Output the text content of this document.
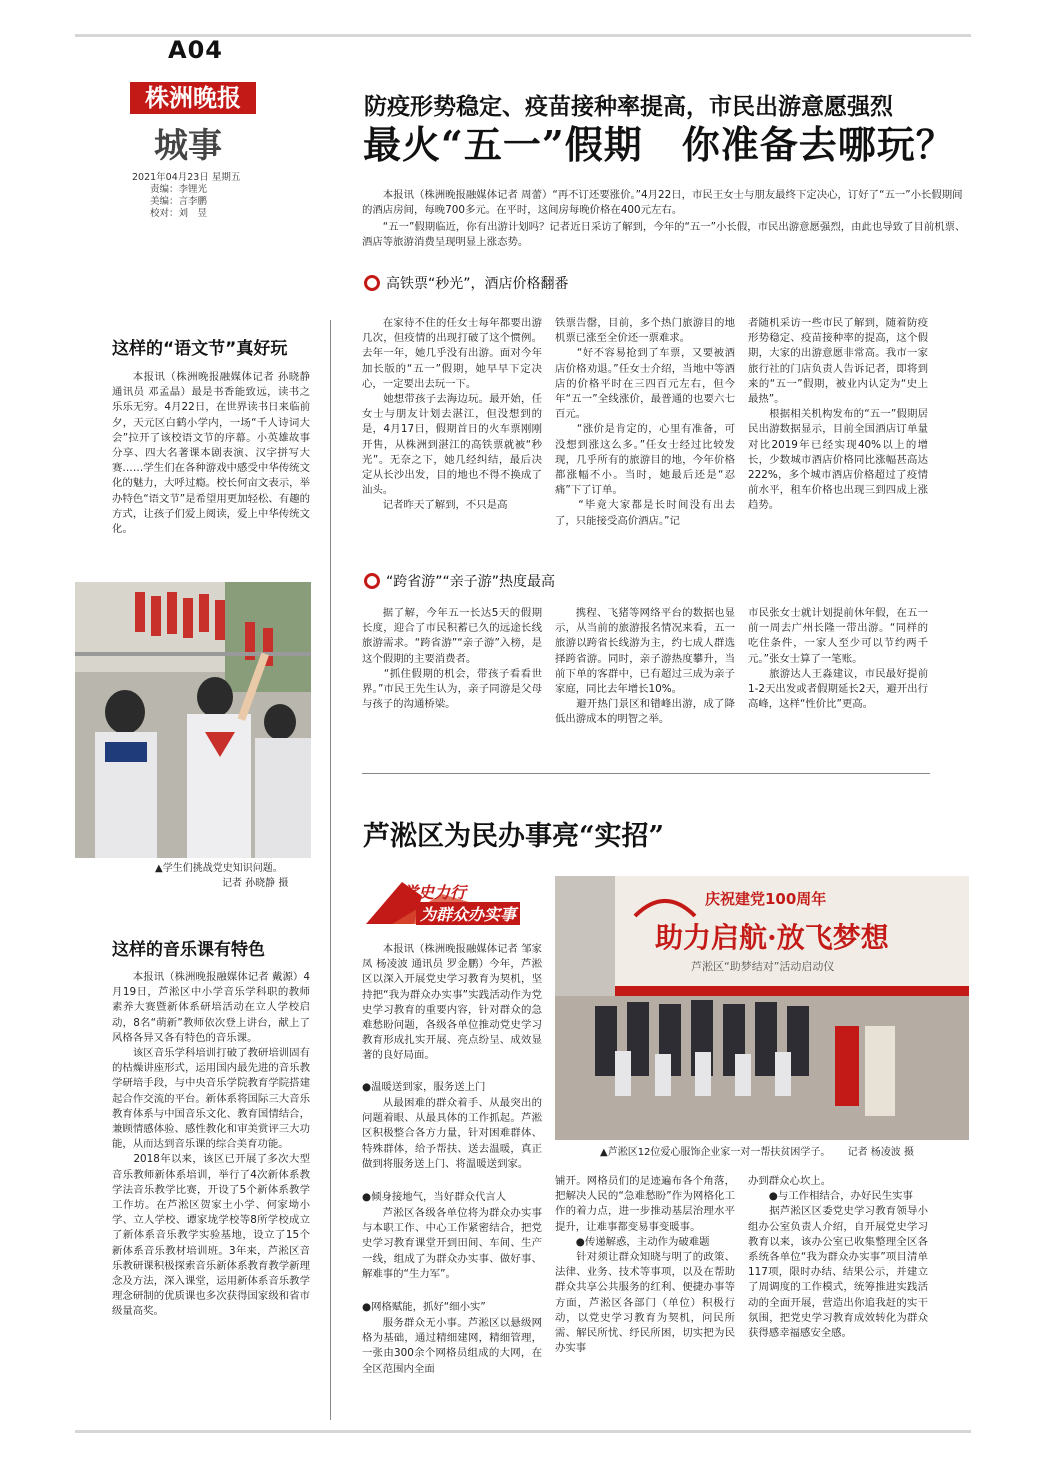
A04
株洲晚报
城事
2021年04月23日 星期五
责编：李锂光
美编：言李鹏
校对：刘　昱
防疫形势稳定、疫苗接种率提高，市民出游意愿强烈
最火“五一”假期　你准备去哪玩？
本报讯（株洲晚报融媒体记者 周蕾）“再不订还要涨价。”4月22日，市民王女士与朋友最终下定决心，订好了“五一”小长假期间的酒店房间，每晚700多元。在平时，这间房每晚价格在400元左右。
“五一”假期临近，你有出游计划吗？记者近日采访了解到，今年的“五一”小长假，市民出游意愿强烈，由此也导致了目前机票、酒店等旅游消费呈现明显上涨态势。
高铁票“秒光”，酒店价格翻番
在家待不住的任女士每年都要出游几次，但疫情的出现打破了这个惯例。去年一年，她几乎没有出游。面对今年加长版的“五一”假期，她早早下定决心，一定要出去玩一下。
　　她想带孩子去海边玩。最开始，任女士与朋友计划去湛江，但没想到的是，4月17日，假期首日的火车票刚刚开售，从株洲到湛江的高铁票就被“秒光”。无奈之下，她几经纠结，最后决定从长沙出发，目的地也不得不换成了汕头。
　　记者昨天了解到，不只是高
铁票告罄，目前，多个热门旅游目的地机票已涨至全价还一票难求。
　　“好不容易抢到了车票，又要被酒店价格劝退。”任女士介绍，当地中等酒店的价格平时在三四百元左右，但今年“五一”全线涨价，最普通的也要六七百元。
　　“涨价是肯定的，心里有准备，可没想到涨这么多。”任女士经过比较发现，几乎所有的旅游目的地，今年价格都涨幅不小。当时，她最后还是“忍痛”下了订单。
　　“毕竟大家都是长时间没有出去了，只能接受高价酒店。”记
者随机采访一些市民了解到，随着防疫形势稳定、疫苗接种率的提高，这个假期，大家的出游意愿非常高。我市一家旅行社的门店负责人告诉记者，即将到来的“五一”假期，被业内认定为“史上最热”。
　　根据相关机构发布的“五一”假期居民出游数据显示，目前全国酒店订单量对比2019年已经实现40%以上的增长，少数城市酒店价格同比涨幅甚高达222%，多个城市酒店价格超过了疫情前水平，租车价格也出现三到四成上涨趋势。
“跨省游”“亲子游”热度最高
据了解，今年五一长达5天的假期长度，迎合了市民积蓄已久的远途长线旅游需求。“跨省游”“亲子游”入榜，是这个假期的主要消费者。
　　“抓住假期的机会，带孩子看看世界。”市民王先生认为，亲子同游是父母与孩子的沟通桥梁。
携程、飞猪等网络平台的数据也显示，从当前的旅游报名情况来看，五一旅游以跨省长线游为主，约七成人群选择跨省游。同时，亲子游热度攀升，当前下单的客群中，已有超过三成为亲子家庭，同比去年增长10%。
　　避开热门景区和错峰出游，成了降低出游成本的明智之举。
市民张女士就计划提前休年假，在五一前一周去广州长隆一带出游。“同样的吃住条件，一家人至少可以节约两千元。”张女士算了一笔账。
　　旅游达人王淼建议，市民最好提前1-2天出发或者假期延长2天，避开出行高峰，这样“性价比”更高。
这样的“语文节”真好玩
本报讯（株洲晚报融媒体记者 孙晓静 通讯员 邓孟晶）最是书香能致远，读书之乐乐无穷。4月22日，在世界读书日来临前夕，天元区白鹤小学内，一场“千人诗词大会”拉开了该校语文节的序幕。小英雄故事分享、四大名著课本剧表演、汉字拼写大赛……学生们在各种游戏中感受中华传统文化的魅力，大呼过瘾。校长何亩文表示，举办特色“语文节”是希望用更加轻松、有趣的方式，让孩子们爱上阅读，爱上中华传统文化。
▲学生们挑战党史知识问题。
记者 孙晓静 摄
这样的音乐课有特色
本报讯（株洲晚报融媒体记者 戴源）4月19日，芦淞区中小学音乐学科职的教师素养大赛暨新体系研培活动在立人学校启动，8名“萌新”教师依次登上讲台，献上了风格各异又各有特色的音乐课。
　　该区音乐学科培训打破了教研培训固有的枯燥讲座形式，运用国内最先进的音乐教学研培手段，与中央音乐学院教育学院搭建起合作交流的平台。新体系将国际三大音乐教育体系与中国音乐文化、教育国情结合，兼顾情感体验、感性教化和审美赏评三大功能，从而达到音乐课的综合美育功能。
　　2018年以来，该区已开展了多次大型音乐教师新体系培训，举行了4次新体系教学法音乐教学比赛，开设了5个新体系教学工作坊。在芦淞区贺家土小学、何家坳小学、立人学校、谭家垅学校等8所学校成立了新体系音乐教学实验基地，设立了15个新体系音乐教材培训班。3年来，芦淞区音乐教研课积极探索音乐新体系教育教学新理念及方法，深入课堂，运用新体系音乐教学理念研制的优质课也多次获得国家级和省市级量高奖。
芦淞区为民办事亮“实招”
学史力行
为群众办实事
本报讯（株洲晚报融媒体记者 邹家凤 杨凌波 通讯员 罗金鹏）今年，芦淞区以深入开展党史学习教育为契机，坚持把“我为群众办实事”实践活动作为党史学习教育的重要内容，针对群众的急难愁盼问题，各级各单位推动党史学习教育形成扎实开展、亮点纷呈、成效显著的良好局面。
●温暖送到家，服务送上门
从最困难的群众着手、从最突出的问题着眼、从最具体的工作抓起。芦淞区积极整合各方力量，针对困难群体、特殊群体，给予帮扶、送去温暖，真正做到将服务送上门、将温暖送到家。
●倾身接地气，当好群众代言人
芦淞区各级各单位将为群众办实事与本职工作、中心工作紧密结合，把党史学习教育课堂开到田间、车间、生产一线，组成了为群众办实事、做好事、解难事的“生力军”。
●网格赋能，抓好“细小实”
服务群众无小事。芦淞区以悬级网格为基础，通过精细建网，精细管理，一张由300余个网格员组成的大网，在全区范围内全面
庆祝建党100周年
助力启航·放飞梦想
芦淞区“助梦结对”活动启动仪
▲芦淞区12位爱心服饰企业家一对一帮扶贫困学子。 记者 杨凌波 摄
铺开。网格员们的足迹遍布各个角落，把解决人民的“急难愁盼”作为网格化工作的着力点，进一步推动基层治理水平提升，让难事都变易事变暖事。
　　●传递解惑，主动作为破难题
　　针对须让群众知晓与明了的政策、法律、业务、技术等事项，以及在帮助群众共享公共服务的红利、便捷办事等方面，芦淞区各部门（单位）积极行动，以党史学习教育为契机，问民所需、解民所忧、纾民所困，切实把为民办实事
办到群众心坎上。
　　●与工作相结合，办好民生实事
　　据芦淞区区委党史学习教育领导小组办公室负责人介绍，自开展党史学习教育以来，该办公室已收集整理全区各系统各单位“我为群众办实事”项目清单117项，限时办结、结果公示，并建立了周调度的工作模式，统筹推进实践活动的全面开展，营造出你追我赶的实干氛围，把党史学习教育成效转化为群众获得感幸福感安全感。
